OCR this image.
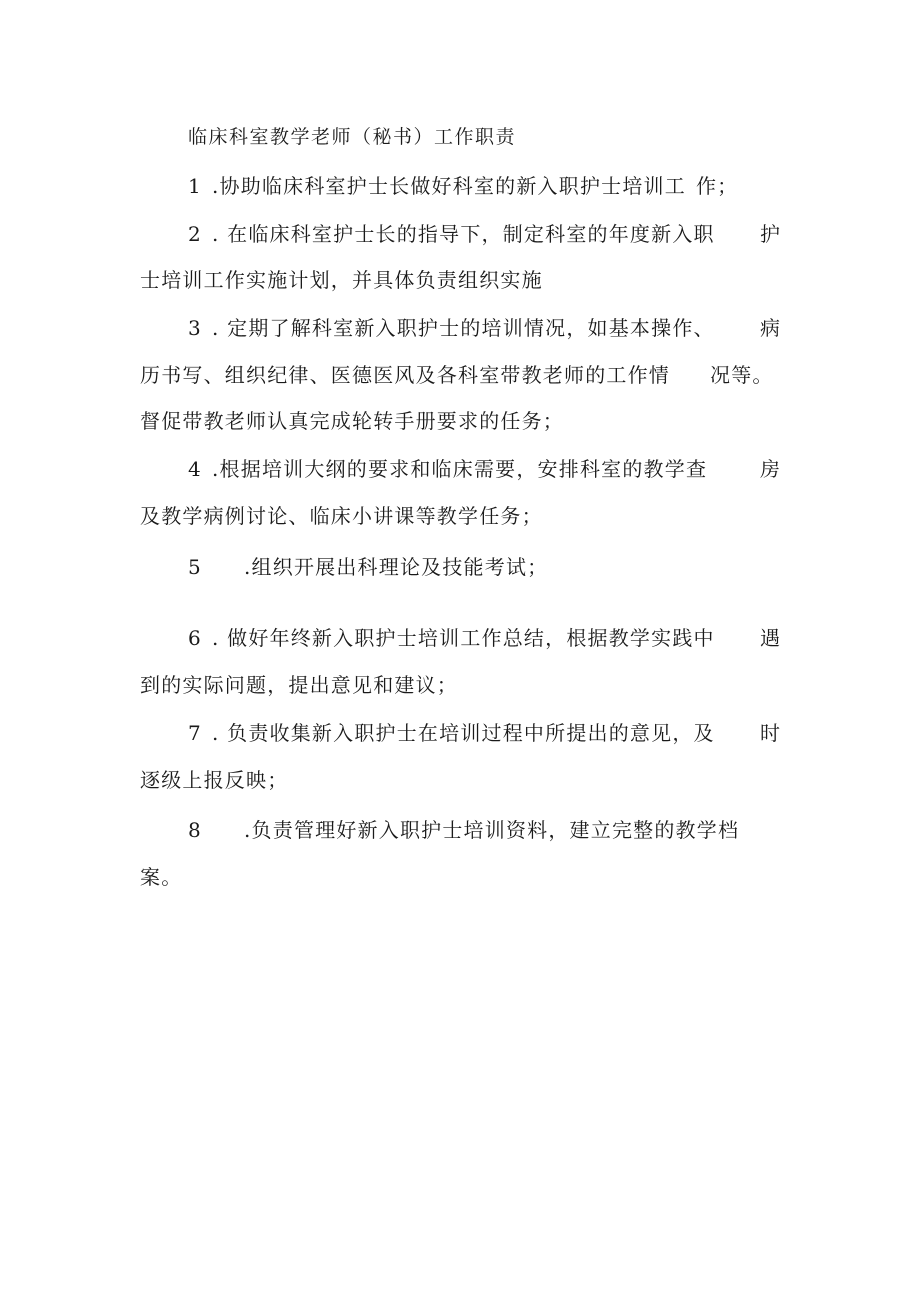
临床科室教学老师（秘书）工作职责
1 .协助临床科室护士长做好科室的新入职护士培训工 作；
2 . 在临床科室护士长的指导下，制定科室的年度新入职 护
士培训工作实施计划，并具体负责组织实施
3 . 定期了解科室新入职护士的培训情况，如基本操作、 病
历书写、组织纪律、医德医风及各科室带教老师的工作情 况等。
督促带教老师认真完成轮转手册要求的任务；
4 .根据培训大纲的要求和临床需要，安排科室的教学查	房
及教学病例讨论、临床小讲课等教学任务；
5 .组织开展出科理论及技能考试；
6 . 做好年终新入职护士培训工作总结，根据教学实践中 遇
到的实际问题，提出意见和建议；
7 . 负责收集新入职护士在培训过程中所提出的意见，及 时
逐级上报反映；
8 .负责管理好新入职护士培训资料，建立完整的教学档
案。
